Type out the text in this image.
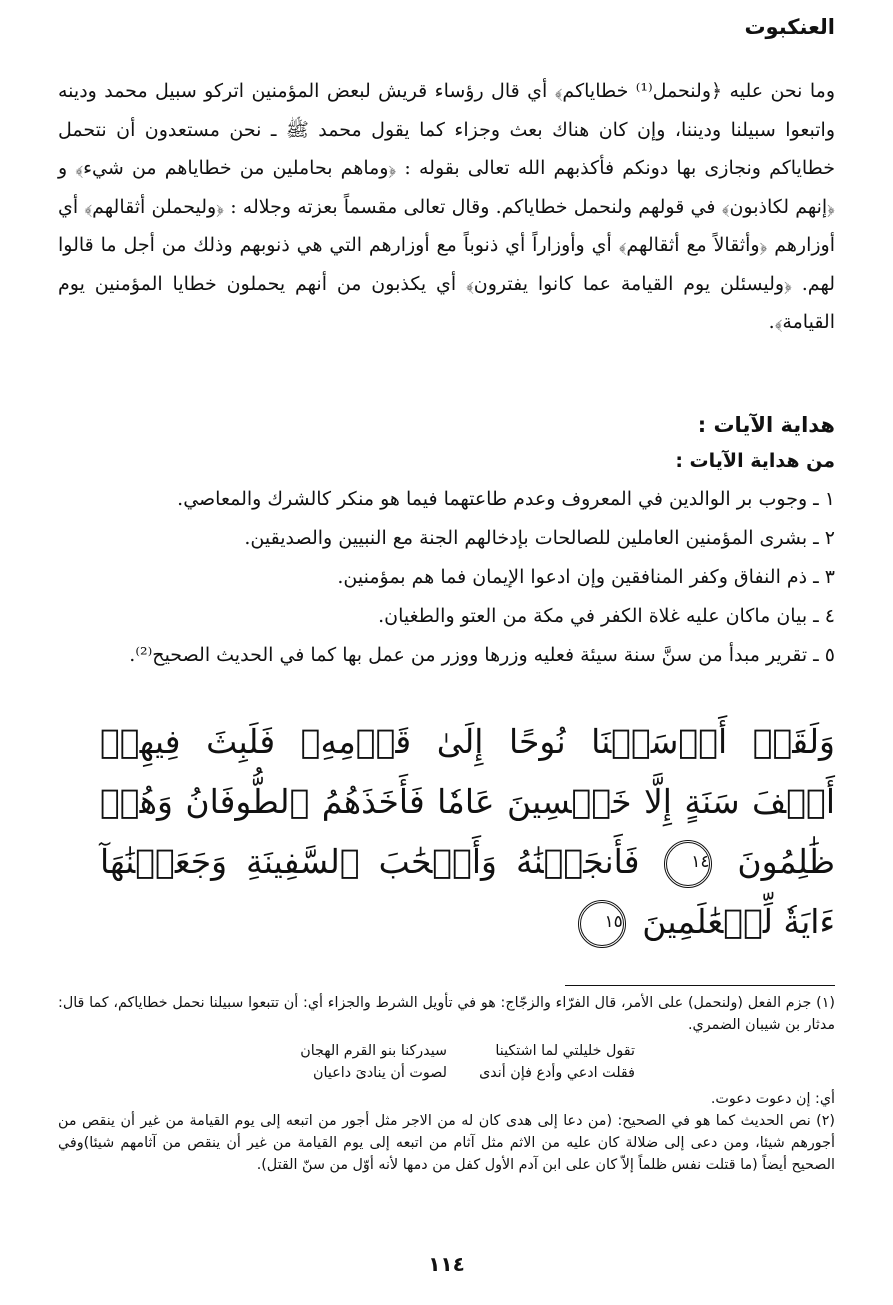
العنكبوت

وما نحن عليه ﴿ولنحمل⁽¹⁾ خطاياكم﴾ أي قال رؤساء قريش لبعض المؤمنين اتركو سبيل محمد ودينه واتبعوا سبيلنا وديننا، وإن كان هناك بعث وجزاء كما يقول محمد ﷺ ـ نحن مستعدون أن نتحمل خطاياكم ونجازى بها دونكم فأكذبهم الله تعالى بقوله : ﴿وماهم بحاملين من خطاياهم من شيء﴾ و ﴿إنهم لكاذبون﴾ في قولهم ولنحمل خطاياكم. وقال تعالى مقسماً بعزته وجلاله : ﴿وليحملن أثقالهم﴾ أي أوزارهم ﴿وأثقالاً مع أثقالهم﴾ أي وأوزاراً أي ذنوباً مع أوزارهم التي هي ذنوبهم وذلك من أجل ما قالوا لهم. ﴿وليسئلن يوم القيامة عما كانوا يفترون﴾ أي يكذبون من أنهم يحملون خطايا المؤمنين يوم القيامة﴾.

هداية الآيات :
من هداية الآيات :
١ ـ وجوب بر الوالدين في المعروف وعدم طاعتهما فيما هو منكر كالشرك والمعاصي.
٢ ـ بشرى المؤمنين العاملين للصالحات بإدخالهم الجنة مع النبيين والصديقين.
٣ ـ ذم النفاق وكفر المنافقين وإن ادعوا الإيمان فما هم بمؤمنين.
٤ ـ بيان ماكان عليه غلاة الكفر في مكة من العتو والطغيان.
٥ ـ تقرير مبدأ من سنَّ سنة سيئة فعليه وزرها ووزر من عمل بها كما في الحديث الصحيح⁽²⁾.

وَلَقَدۡ أَرۡسَلۡنَا نُوحًا إِلَىٰ قَوۡمِهِۦ فَلَبِثَ فِيهِمۡ أَلۡفَ سَنَةٍ إِلَّا خَمۡسِينَ عَامٗا فَأَخَذَهُمُ ٱلطُّوفَانُ وَهُمۡ ظَٰلِمُونَ ١٤ فَأَنجَيۡنَٰهُ وَأَصۡحَٰبَ ٱلسَّفِينَةِ وَجَعَلۡنَٰهَآ ءَايَةٗ لِّلۡعَٰلَمِينَ ١٥

(١) جزم الفعل (ولنحمل) على الأمر، قال الفرّاء والزجّاج: هو في تأويل الشرط والجزاء أي: أن تتبعوا سبيلنا نحمل خطاياكم، كما قال: مدثار بن شيبان الضمري.

تقول خليلتي لما اشتكيناسيدركنا بنو القرم الهجان
فقلت ادعي وأدع فإن أندىلصوت أن ينادىَ داعيان

أي: إن دعوت دعوت.

(٢) نص الحديث كما هو في الصحيح: (من دعا إلى هدى كان له من الاجر مثل أجور من اتبعه إلى يوم القيامة من غير أن ينقص من أجورهم شيئا، ومن دعى إلى ضلالة كان عليه من الاثم مثل آثام من اتبعه إلى يوم القيامة من غير أن ينقص من آثامهم شيئا)وفي الصحيح أيضاً (ما قتلت نفس ظلماً إلاّ كان على ابن آدم الأول كفل من دمها لأنه أوّل من سنّ القتل).

١١٤
